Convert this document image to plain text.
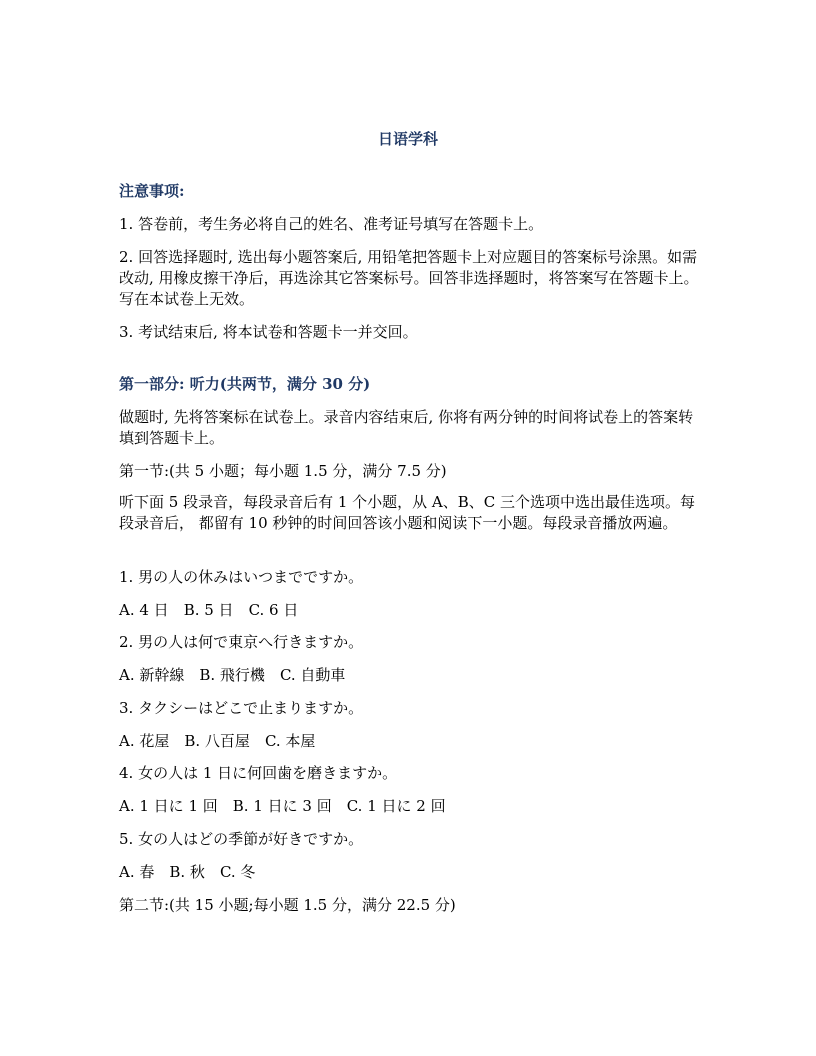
日语学科
注意事项:
1. 答卷前，考生务必将自己的姓名、准考证号填写在答题卡上。
2. 回答选择题时, 选出每小题答案后, 用铅笔把答题卡上对应题目的答案标号涂黑。如需改动, 用橡皮擦干净后，再选涂其它答案标号。回答非选择题时，将答案写在答题卡上。写在本试卷上无效。
3. 考试结束后, 将本试卷和答题卡一并交回。
第一部分: 听力(共两节，满分 30 分)
做题时, 先将答案标在试卷上。录音内容结束后, 你将有两分钟的时间将试卷上的答案转填到答题卡上。
第一节:(共 5 小题；每小题 1.5 分，满分 7.5 分)
听下面 5 段录音，每段录音后有 1 个小题，从 A、B、C 三个选项中选出最佳选项。每段录音后， 都留有 10 秒钟的时间回答该小题和阅读下一小题。每段录音播放两遍。
1. 男の人の休みはいつまでですか。
A. 4 日  B. 5 日  C. 6 日
2. 男の人は何で東京へ行きますか。
A. 新幹線  B. 飛行機  C. 自動車
3. タクシーはどこで止まりますか。
A. 花屋  B. 八百屋  C. 本屋
4. 女の人は 1 日に何回歯を磨きますか。
A. 1 日に 1 回  B. 1 日に 3 回  C. 1 日に 2 回
5. 女の人はどの季節が好きですか。
A. 春  B. 秋  C. 冬
第二节:(共 15 小题;每小题 1.5 分，满分 22.5 分)
